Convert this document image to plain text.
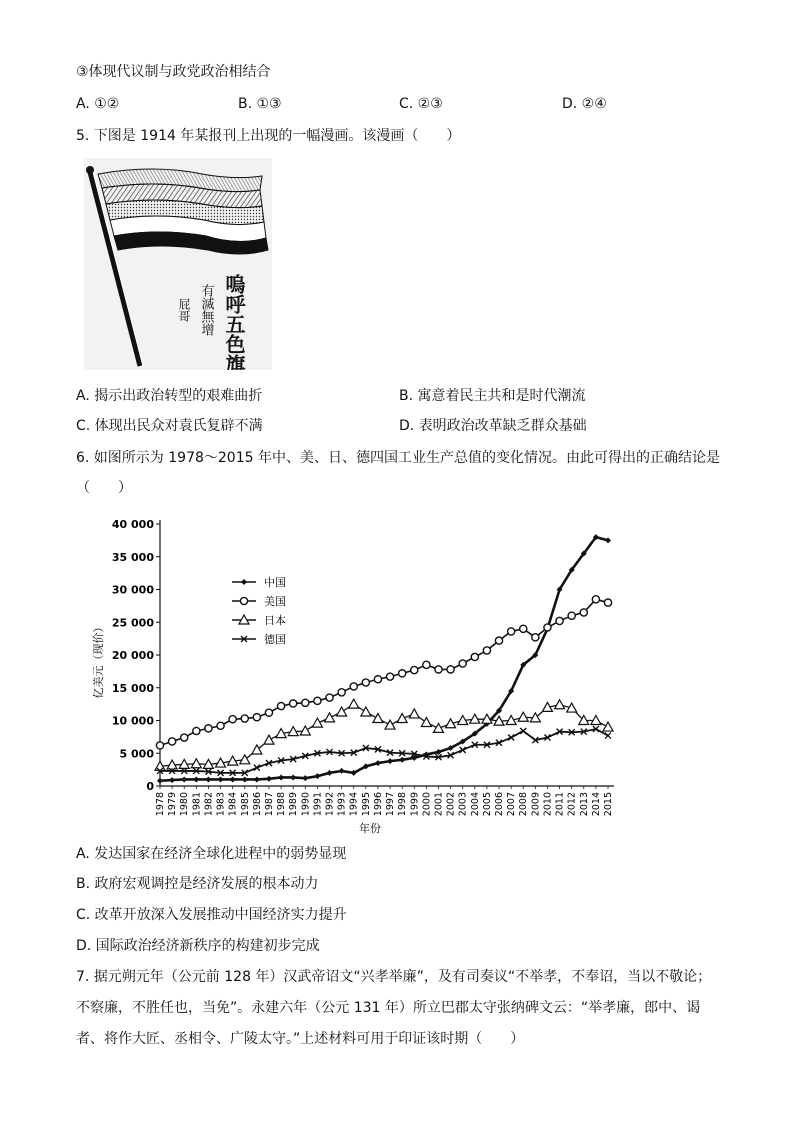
③体现代议制与政党政治相结合
A. ①②	B. ①③	C. ②③	D. ②④
5. 下图是 1914 年某报刊上出现的一幅漫画。该漫画（　　）
嗚呼五色旗
有滅無增
屁哥
A. 揭示出政治转型的艰难曲折	B. 寓意着民主共和是时代潮流
C. 体现出民众对袁氏复辟不满	D. 表明政治改革缺乏群众基础
6. 如图所示为 1978～2015 年中、美、日、德四国工业生产总值的变化情况。由此可得出的正确结论是
（　　）
0
5 000
10 000
15 000
20 000
25 000
30 000
35 000
40 000
1978 1979 1980 1981 1982 1983 1984 1985 1986 1987 1988 1989 1990 1991 1992 1993 1994 1995 1996 1997 1998 1999 2000 2001 2002 2003 2004 2005 2006 2007 2008 2009 2010 2011 2012 2013 2014 2015
中国
美国
日本
德国
亿美元（现价）
年份
A. 发达国家在经济全球化进程中的弱势显现
B. 政府宏观调控是经济发展的根本动力
C. 改革开放深入发展推动中国经济实力提升
D. 国际政治经济新秩序的构建初步完成
7. 据元朔元年（公元前 128 年）汉武帝诏文“兴孝举廉”，及有司奏议“不举孝，不奉诏，当以不敬论；
不察廉，不胜任也，当免”。永建六年（公元 131 年）所立巴郡太守张纳碑文云：“举孝廉，郎中、谒
者、将作大匠、丞相令、广陵太守。”上述材料可用于印证该时期（　　）
